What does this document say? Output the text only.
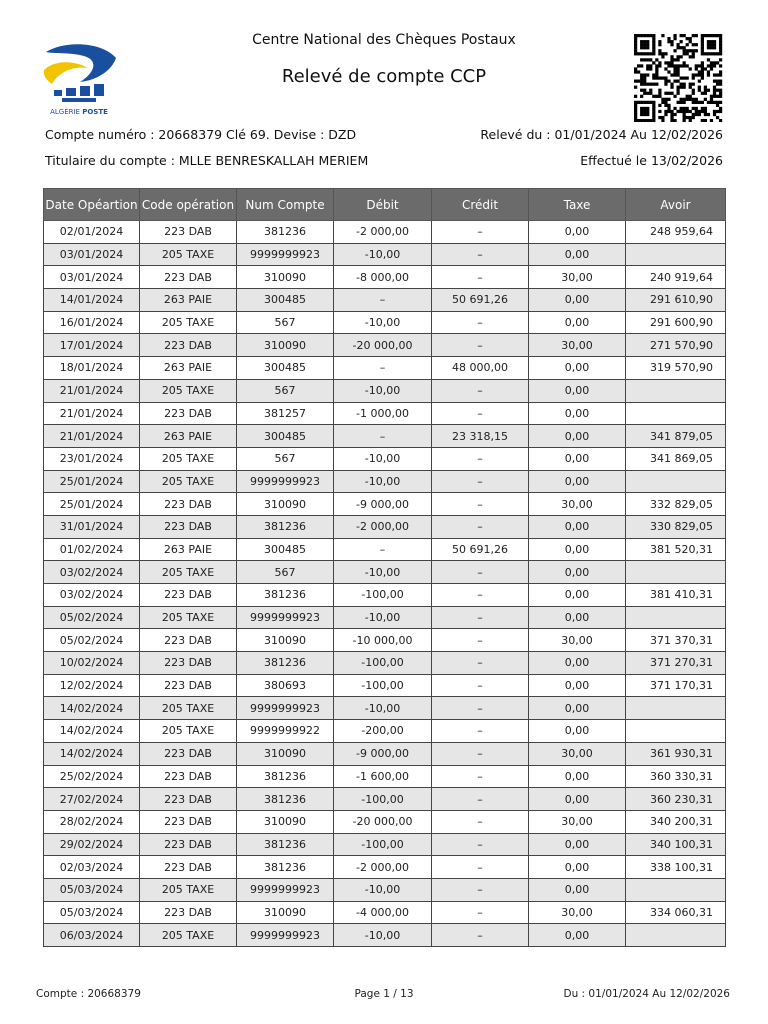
ALGÉRIE POSTE
Centre National des Chèques Postaux
Relevé de compte CCP
Compte numéro : 20668379 Clé 69. Devise : DZD	Relevé du : 01/01/2024 Au 12/02/2026
Titulaire du compte : MLLE BENRESKALLAH MERIEM	Effectué le 13/02/2026
Date Opéartion	Code opération	Num Compte	Débit	Crédit	Taxe	Avoir
02/01/2024	223 DAB	381236	-2 000,00	–	0,00	248 959,64
03/01/2024	205 TAXE	9999999923	-10,00	–	0,00	
03/01/2024	223 DAB	310090	-8 000,00	–	30,00	240 919,64
14/01/2024	263 PAIE	300485	–	50 691,26	0,00	291 610,90
16/01/2024	205 TAXE	567	-10,00	–	0,00	291 600,90
17/01/2024	223 DAB	310090	-20 000,00	–	30,00	271 570,90
18/01/2024	263 PAIE	300485	–	48 000,00	0,00	319 570,90
21/01/2024	205 TAXE	567	-10,00	–	0,00	
21/01/2024	223 DAB	381257	-1 000,00	–	0,00	
21/01/2024	263 PAIE	300485	–	23 318,15	0,00	341 879,05
23/01/2024	205 TAXE	567	-10,00	–	0,00	341 869,05
25/01/2024	205 TAXE	9999999923	-10,00	–	0,00	
25/01/2024	223 DAB	310090	-9 000,00	–	30,00	332 829,05
31/01/2024	223 DAB	381236	-2 000,00	–	0,00	330 829,05
01/02/2024	263 PAIE	300485	–	50 691,26	0,00	381 520,31
03/02/2024	205 TAXE	567	-10,00	–	0,00	
03/02/2024	223 DAB	381236	-100,00	–	0,00	381 410,31
05/02/2024	205 TAXE	9999999923	-10,00	–	0,00	
05/02/2024	223 DAB	310090	-10 000,00	–	30,00	371 370,31
10/02/2024	223 DAB	381236	-100,00	–	0,00	371 270,31
12/02/2024	223 DAB	380693	-100,00	–	0,00	371 170,31
14/02/2024	205 TAXE	9999999923	-10,00	–	0,00	
14/02/2024	205 TAXE	9999999922	-200,00	–	0,00	
14/02/2024	223 DAB	310090	-9 000,00	–	30,00	361 930,31
25/02/2024	223 DAB	381236	-1 600,00	–	0,00	360 330,31
27/02/2024	223 DAB	381236	-100,00	–	0,00	360 230,31
28/02/2024	223 DAB	310090	-20 000,00	–	30,00	340 200,31
29/02/2024	223 DAB	381236	-100,00	–	0,00	340 100,31
02/03/2024	223 DAB	381236	-2 000,00	–	0,00	338 100,31
05/03/2024	205 TAXE	9999999923	-10,00	–	0,00	
05/03/2024	223 DAB	310090	-4 000,00	–	30,00	334 060,31
06/03/2024	205 TAXE	9999999923	-10,00	–	0,00	
Compte : 20668379	Page 1 / 13	Du : 01/01/2024 Au 12/02/2026
